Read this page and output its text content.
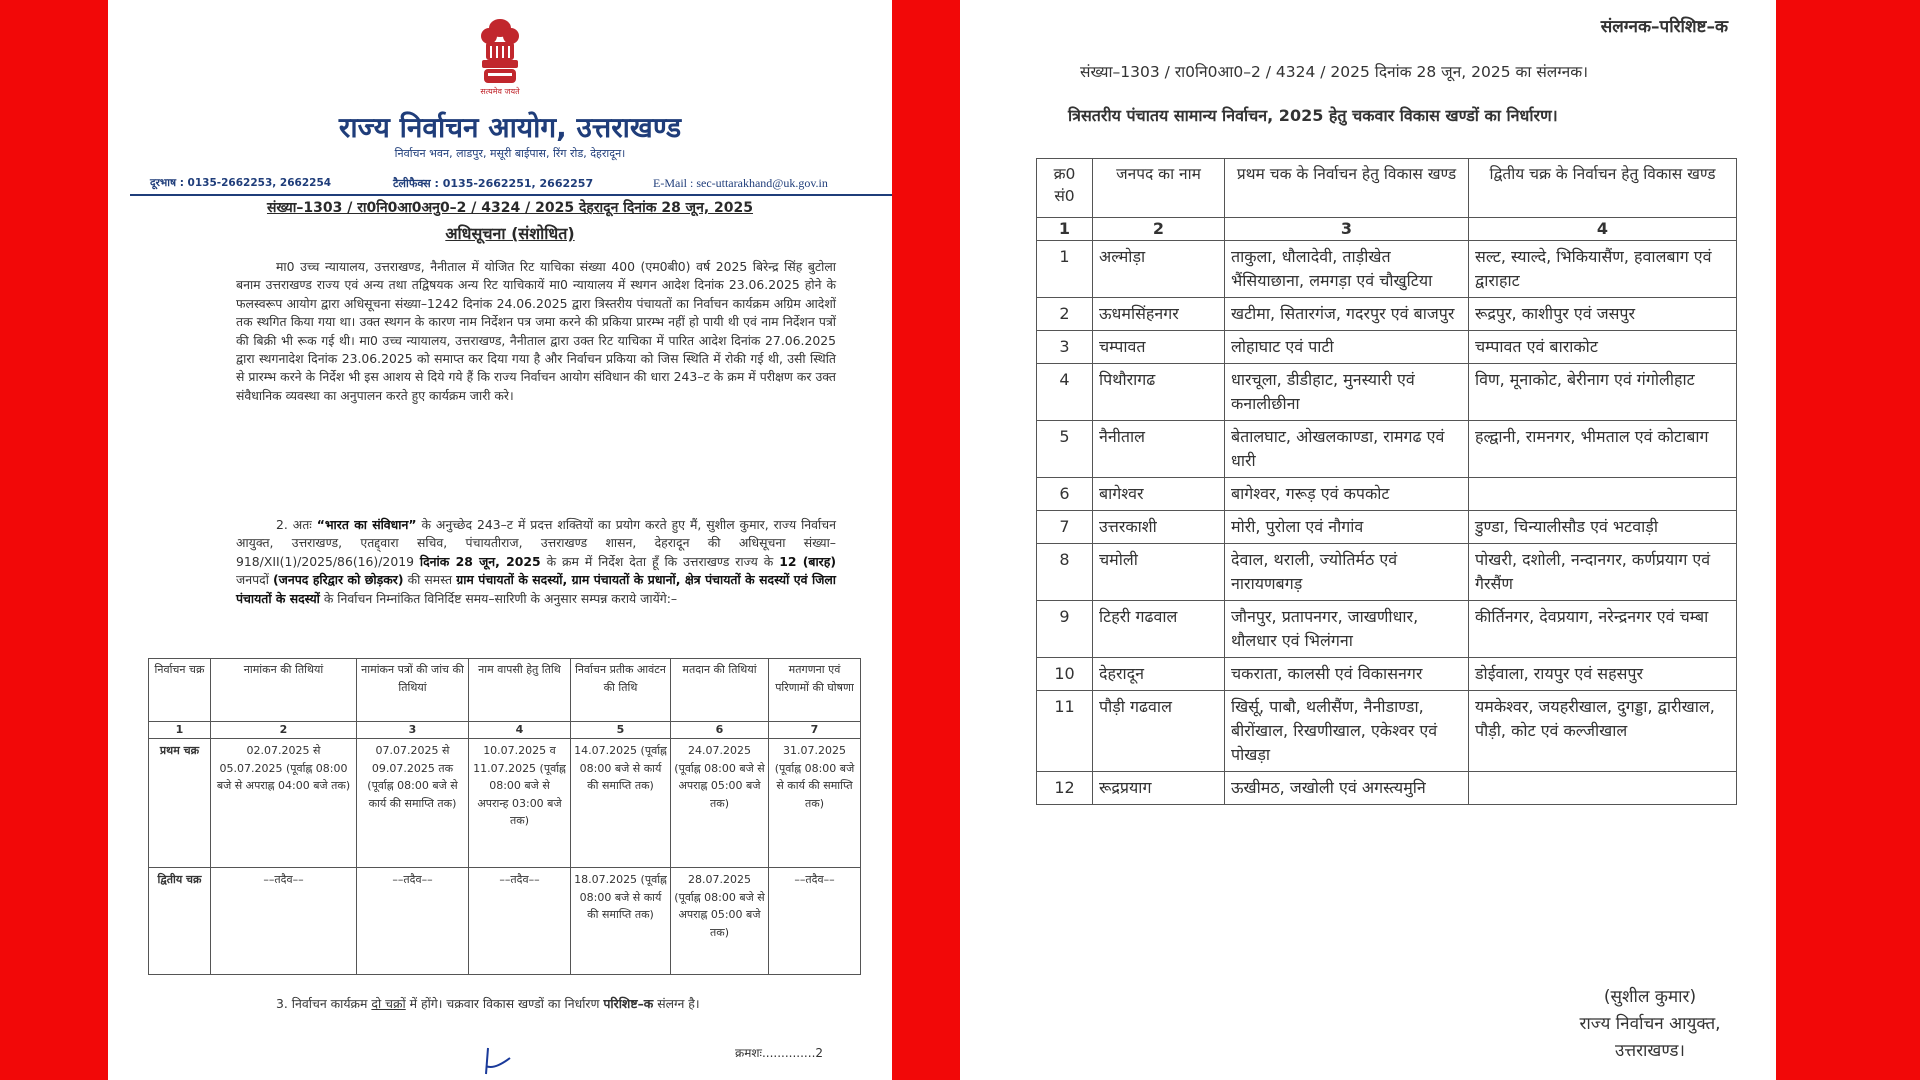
सत्यमेव जयते
राज्य निर्वाचन आयोग, उत्तराखण्ड
निर्वाचन भवन, लाडपुर, मसूरी बाईपास, रिंग रोड, देहरादून।
दूरभाष : 0135-2662253, 2662254	टैलीफैक्स : 0135-2662251, 2662257	E-Mail : sec-uttarakhand@uk.gov.in
संख्या–1303 / रा0नि0आ0अनु0–2 / 4324 / 2025 देहरादून दिनांक 28 जून, 2025
अधिसूचना (संशोधित)
मा0 उच्च न्यायालय, उत्तराखण्ड, नैनीताल में योजित रिट याचिका संख्या 400 (एम0बी0) वर्ष 2025 बिरेन्द्र सिंह बुटोला बनाम उत्तराखण्ड राज्य एवं अन्य तथा तद्विषयक अन्य रिट याचिकायें मा0 न्यायालय में स्थगन आदेश दिनांक 23.06.2025 होने के फलस्वरूप आयोग द्वारा अधिसूचना संख्या–1242 दिनांक 24.06.2025 द्वारा त्रिस्तरीय पंचायतों का निर्वाचन कार्यक्रम अग्रिम आदेशों तक स्थगित किया गया था। उक्त स्थगन के कारण नाम निर्देशन पत्र जमा करने की प्रकिया प्रारम्भ नहीं हो पायी थी एवं नाम निर्देशन पत्रों की बिक्री भी रूक गई थी। मा0 उच्च न्यायालय, उत्तराखण्ड, नैनीताल द्वारा उक्त रिट याचिका में पारित आदेश दिनांक 27.06.2025 द्वारा स्थगनादेश दिनांक 23.06.2025 को समाप्त कर दिया गया है और निर्वाचन प्रकिया को जिस स्थिति में रोकी गई थी, उसी स्थिति से प्रारम्भ करने के निर्देश भी इस आशय से दिये गये हैं कि राज्य निर्वाचन आयोग संविधान की धारा 243–ट के क्रम में परीक्षण कर उक्त संवैधानिक व्यवस्था का अनुपालन करते हुए कार्यक्रम जारी करे।
2. अतः “भारत का संविधान” के अनुच्छेद 243–ट में प्रदत्त शक्तियों का प्रयोग करते हुए मैं, सुशील कुमार, राज्य निर्वाचन आयुक्त, उत्तराखण्ड, एतद्द्वारा सचिव, पंचायतीराज, उत्तराखण्ड शासन, देहरादून की अधिसूचना संख्या–918/XII(1)/2025/86(16)/2019 दिनांक 28 जून, 2025 के क्रम में निर्देश देता हूँ कि उत्तराखण्ड राज्य के 12 (बारह) जनपदों (जनपद हरिद्वार को छोड़कर) की समस्त ग्राम पंचायतों के सदस्यों, ग्राम पंचायतों के प्रधानों, क्षेत्र पंचायतों के सदस्यों एवं जिला पंचायतों के सदस्यों के निर्वाचन निम्नांकित विनिर्दिष्ट समय–सारिणी के अनुसार सम्पन्न कराये जायेंगे:–
निर्वाचन चक्र	नामांकन की तिथियां	नामांकन पत्रों की जांच की तिथियां	नाम वापसी हेतु तिथि	निर्वाचन प्रतीक आवंटन की तिथि	मतदान की तिथियां	मतगणना एवं परिणामों की घोषणा
1	2	3	4	5	6	7
प्रथम चक्र	02.07.2025 से 05.07.2025 (पूर्वाह्न 08:00 बजे से अपराह्न 04:00 बजे तक)	07.07.2025 से 09.07.2025 तक (पूर्वाह्न 08:00 बजे से कार्य की समाप्ति तक)	10.07.2025 व 11.07.2025 (पूर्वाह्न 08:00 बजे से अपरान्ह 03:00 बजे तक)	14.07.2025 (पूर्वाह्न 08:00 बजे से कार्य की समाप्ति तक)	24.07.2025 (पूर्वाह्न 08:00 बजे से अपराह्न 05:00 बजे तक)	31.07.2025 (पूर्वाह्न 08:00 बजे से कार्य की समाप्ति तक)
द्वितीय चक्र	––तदैव––	––तदैव––	––तदैव––	18.07.2025 (पूर्वाह्न 08:00 बजे से कार्य की समाप्ति तक)	28.07.2025 (पूर्वाह्न 08:00 बजे से अपराह्न 05:00 बजे तक)	––तदैव––
3. निर्वाचन कार्यक्रम दो चक्रों में होंगे। चक्रवार विकास खण्डों का निर्धारण परिशिष्ट–क संलग्न है।
क्रमशः..............2
संलग्नक–परिशिष्ट–क
संख्या–1303 / रा0नि0आ0–2 / 4324 / 2025 दिनांक 28 जून, 2025 का संलग्नक।
त्रिसतरीय पंचातय सामान्य निर्वाचन, 2025 हेतु चकवार विकास खण्डों का निर्धारण।
क्र0 सं0	जनपद का नाम	प्रथम चक के निर्वाचन हेतु विकास खण्ड	द्वितीय चक्र के निर्वाचन हेतु विकास खण्ड
1	2	3	4
1	अल्मोड़ा	ताकुला, धौलादेवी, ताड़ीखेत भैंसियाछाना, लमगड़ा एवं चौखुटिया	सल्ट, स्याल्दे, भिकियासैंण, हवालबाग एवं द्वाराहाट
2	ऊधमसिंहनगर	खटीमा, सितारगंज, गदरपुर एवं बाजपुर	रूद्रपुर, काशीपुर एवं जसपुर
3	चम्पावत	लोहाघाट एवं पाटी	चम्पावत एवं बाराकोट
4	पिथौरागढ	धारचूला, डीडीहाट, मुनस्यारी एवं कनालीछीना	विण, मूनाकोट, बेरीनाग एवं गंगोलीहाट
5	नैनीताल	बेतालघाट, ओखलकाण्डा, रामगढ एवं धारी	हल्द्वानी, रामनगर, भीमताल एवं कोटाबाग
6	बागेश्वर	बागेश्वर, गरूड़ एवं कपकोट	
7	उत्तरकाशी	मोरी, पुरोला एवं नौगांव	डुण्डा, चिन्यालीसौड एवं भटवाड़ी
8	चमोली	देवाल, थराली, ज्योतिर्मठ एवं नारायणबगड़	पोखरी, दशोली, नन्दानगर, कर्णप्रयाग एवं गैरसैंण
9	टिहरी गढवाल	जौनपुर, प्रतापनगर, जाखणीधार, थौलधार एवं भिलंगना	कीर्तिनगर, देवप्रयाग, नरेन्द्रनगर एवं चम्बा
10	देहरादून	चकराता, कालसी एवं विकासनगर	डोईवाला, रायपुर एवं सहसपुर
11	पौड़ी गढवाल	खिर्सू, पाबौ, थलीसैंण, नैनीडाण्डा, बीरोंखाल, रिखणीखाल, एकेश्वर एवं पोखड़ा	यमकेश्वर, जयहरीखाल, दुगड्डा, द्वारीखाल, पौड़ी, कोट एवं कल्जीखाल
12	रूद्रप्रयाग	ऊखीमठ, जखोली एवं अगस्त्यमुनि	
(सुशील कुमार)
राज्य निर्वाचन आयुक्त,
उत्तराखण्ड।
